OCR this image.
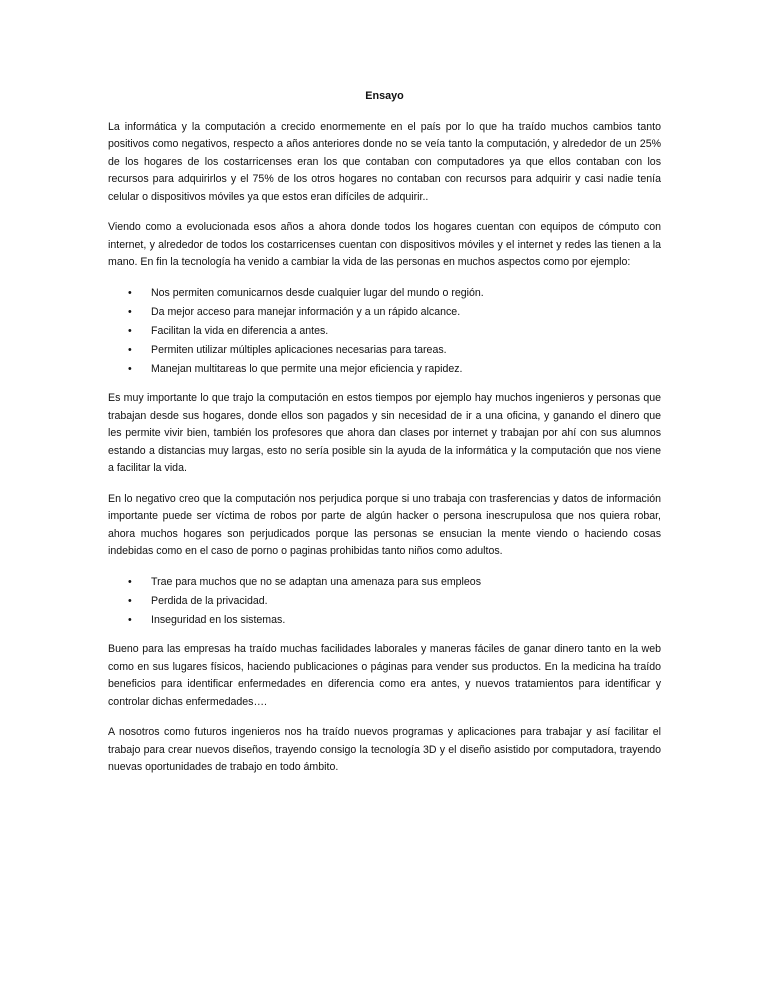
Ensayo

La informática y la computación a crecido enormemente en el país por lo que ha traído muchos cambios tanto positivos como negativos, respecto a años anteriores donde no se veía tanto la computación, y alrededor de un 25% de los hogares de los costarricenses eran los que contaban con computadores ya que ellos contaban con los recursos para adquirirlos y el 75% de los otros hogares no contaban con recursos para adquirir y casi nadie tenía celular o dispositivos móviles ya que estos eran difíciles de adquirir..

Viendo como a evolucionada esos años a ahora donde todos los hogares cuentan con equipos de cómputo con internet, y alrededor de todos los costarricenses cuentan con dispositivos móviles y el internet y redes las tienen a la mano. En fin la tecnología ha venido a cambiar la vida de las personas en muchos aspectos como por ejemplo:

• Nos permiten comunicarnos desde cualquier lugar del mundo o región.
• Da mejor acceso para manejar información y a un rápido alcance.
• Facilitan la vida en diferencia a antes.
• Permiten utilizar múltiples aplicaciones necesarias para tareas.
• Manejan multitareas lo que permite una mejor eficiencia y rapidez.

Es muy importante lo que trajo la computación en estos tiempos por ejemplo hay muchos ingenieros y personas que trabajan desde sus hogares, donde ellos son pagados y sin necesidad de ir a una oficina, y ganando el dinero que les permite vivir bien, también los profesores que ahora dan clases por internet y trabajan por ahí con sus alumnos estando a distancias muy largas, esto no sería posible sin la ayuda de la informática y la computación que nos viene a facilitar la vida.

En lo negativo creo que la computación nos perjudica porque si uno trabaja con trasferencias y datos de información importante puede ser víctima de robos por parte de algún hacker o persona inescrupulosa que nos quiera robar, ahora muchos hogares son perjudicados porque las personas se ensucian la mente viendo o haciendo cosas indebidas como en el caso de porno o paginas prohibidas tanto niños como adultos.

• Trae para muchos que no se adaptan una amenaza para sus empleos
• Perdida de la privacidad.
• Inseguridad en los sistemas.

Bueno para las empresas ha traído muchas facilidades laborales y maneras fáciles de ganar dinero tanto en la web como en sus lugares físicos, haciendo publicaciones o páginas para vender sus productos. En la medicina ha traído beneficios para identificar enfermedades en diferencia como era antes, y nuevos tratamientos para identificar y controlar dichas enfermedades….

A nosotros como futuros ingenieros nos ha traído nuevos programas y aplicaciones para trabajar y así facilitar el trabajo para crear nuevos diseños, trayendo consigo la tecnología 3D y el diseño asistido por computadora, trayendo nuevas oportunidades de trabajo en todo ámbito.
